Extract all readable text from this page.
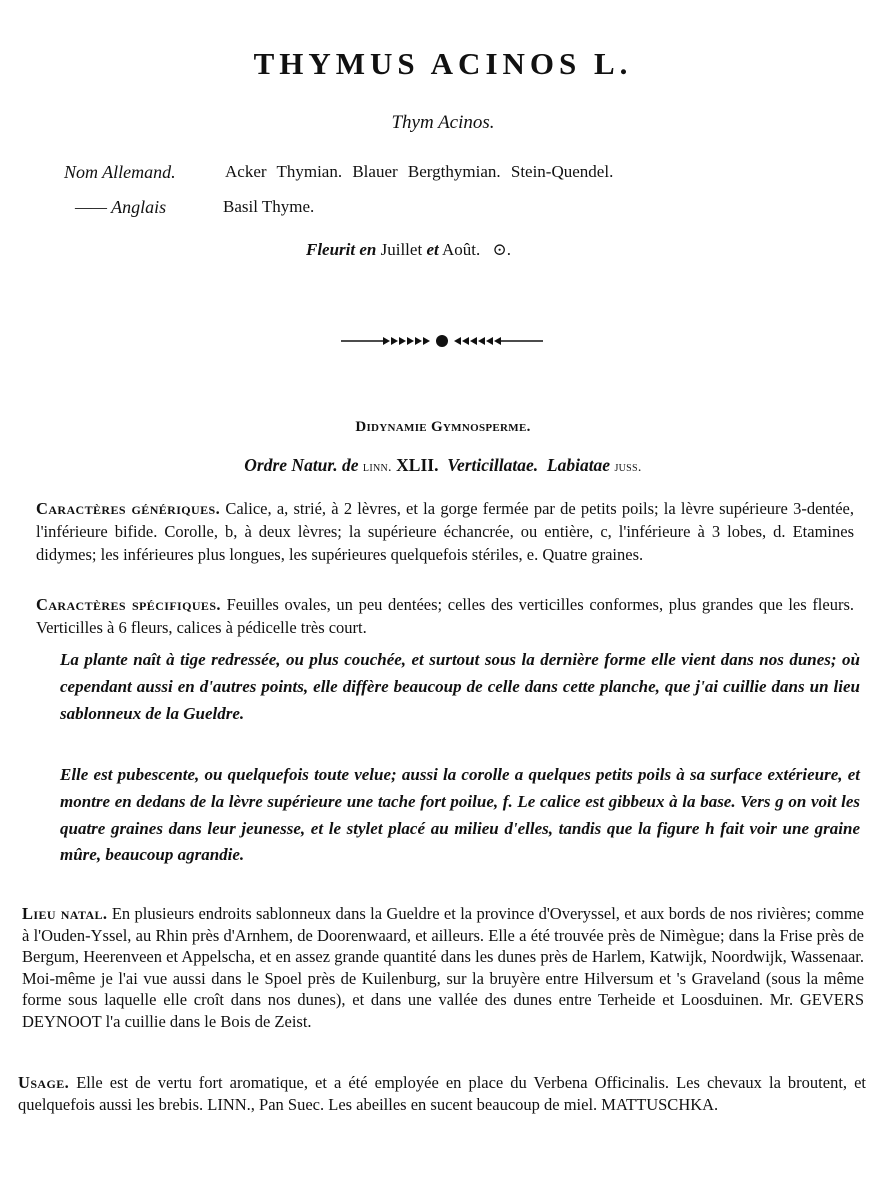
THYMUS ACINOS L.
Thym Acinos.
Nom Allemand.	Acker Thymian. Blauer Bergthymian. Stein-Quendel.
—— Anglais	Basil Thyme.
Fleurit en Juillet et Août. ⊙.
Didynamie Gymnosperme.
Ordre Natur. de linn. XLII. Verticillatae. Labiatae juss.
Caractères génériques. Calice, a, strié, à 2 lèvres, et la gorge fermée par de petits poils; la lèvre supérieure 3-dentée, l'inférieure bifide. Corolle, b, à deux lèvres; la supérieure échancrée, ou entière, c, l'inférieure à 3 lobes, d. Etamines didymes; les inférieures plus longues, les supérieures quelquefois stériles, e. Quatre graines.
Caractères spécifiques. Feuilles ovales, un peu dentées; celles des verticilles conformes, plus grandes que les fleurs. Verticilles à 6 fleurs, calices à pédicelle très court.
La plante naît à tige redressée, ou plus couchée, et surtout sous la dernière forme elle vient dans nos dunes; où cependant aussi en d'autres points, elle diffère beaucoup de celle dans cette planche, que j'ai cuillie dans un lieu sablonneux de la Gueldre.
Elle est pubescente, ou quelquefois toute velue; aussi la corolle a quelques petits poils à sa surface extérieure, et montre en dedans de la lèvre supérieure une tache fort poilue, f. Le calice est gibbeux à la base. Vers g on voit les quatre graines dans leur jeunesse, et le stylet placé au milieu d'elles, tandis que la figure h fait voir une graine mûre, beaucoup agrandie.
Lieu natal. En plusieurs endroits sablonneux dans la Gueldre et la province d'Overyssel, et aux bords de nos rivières; comme à l'Ouden-Yssel, au Rhin près d'Arnhem, de Doorenwaard, et ailleurs. Elle a été trouvée près de Nimègue; dans la Frise près de Bergum, Heerenveen et Appelscha, et en assez grande quantité dans les dunes près de Harlem, Katwijk, Noordwijk, Wassenaar. Moi-même je l'ai vue aussi dans le Spoel près de Kuilenburg, sur la bruyère entre Hilversum et 's Graveland (sous la même forme sous laquelle elle croît dans nos dunes), et dans une vallée des dunes entre Terheide et Loosduinen. Mr. GEVERS DEYNOOT l'a cuillie dans le Bois de Zeist.
Usage. Elle est de vertu fort aromatique, et a été employée en place du Verbena Officinalis. Les chevaux la broutent, et quelquefois aussi les brebis. LINN., Pan Suec. Les abeilles en sucent beaucoup de miel. MATTUSCHKA.
